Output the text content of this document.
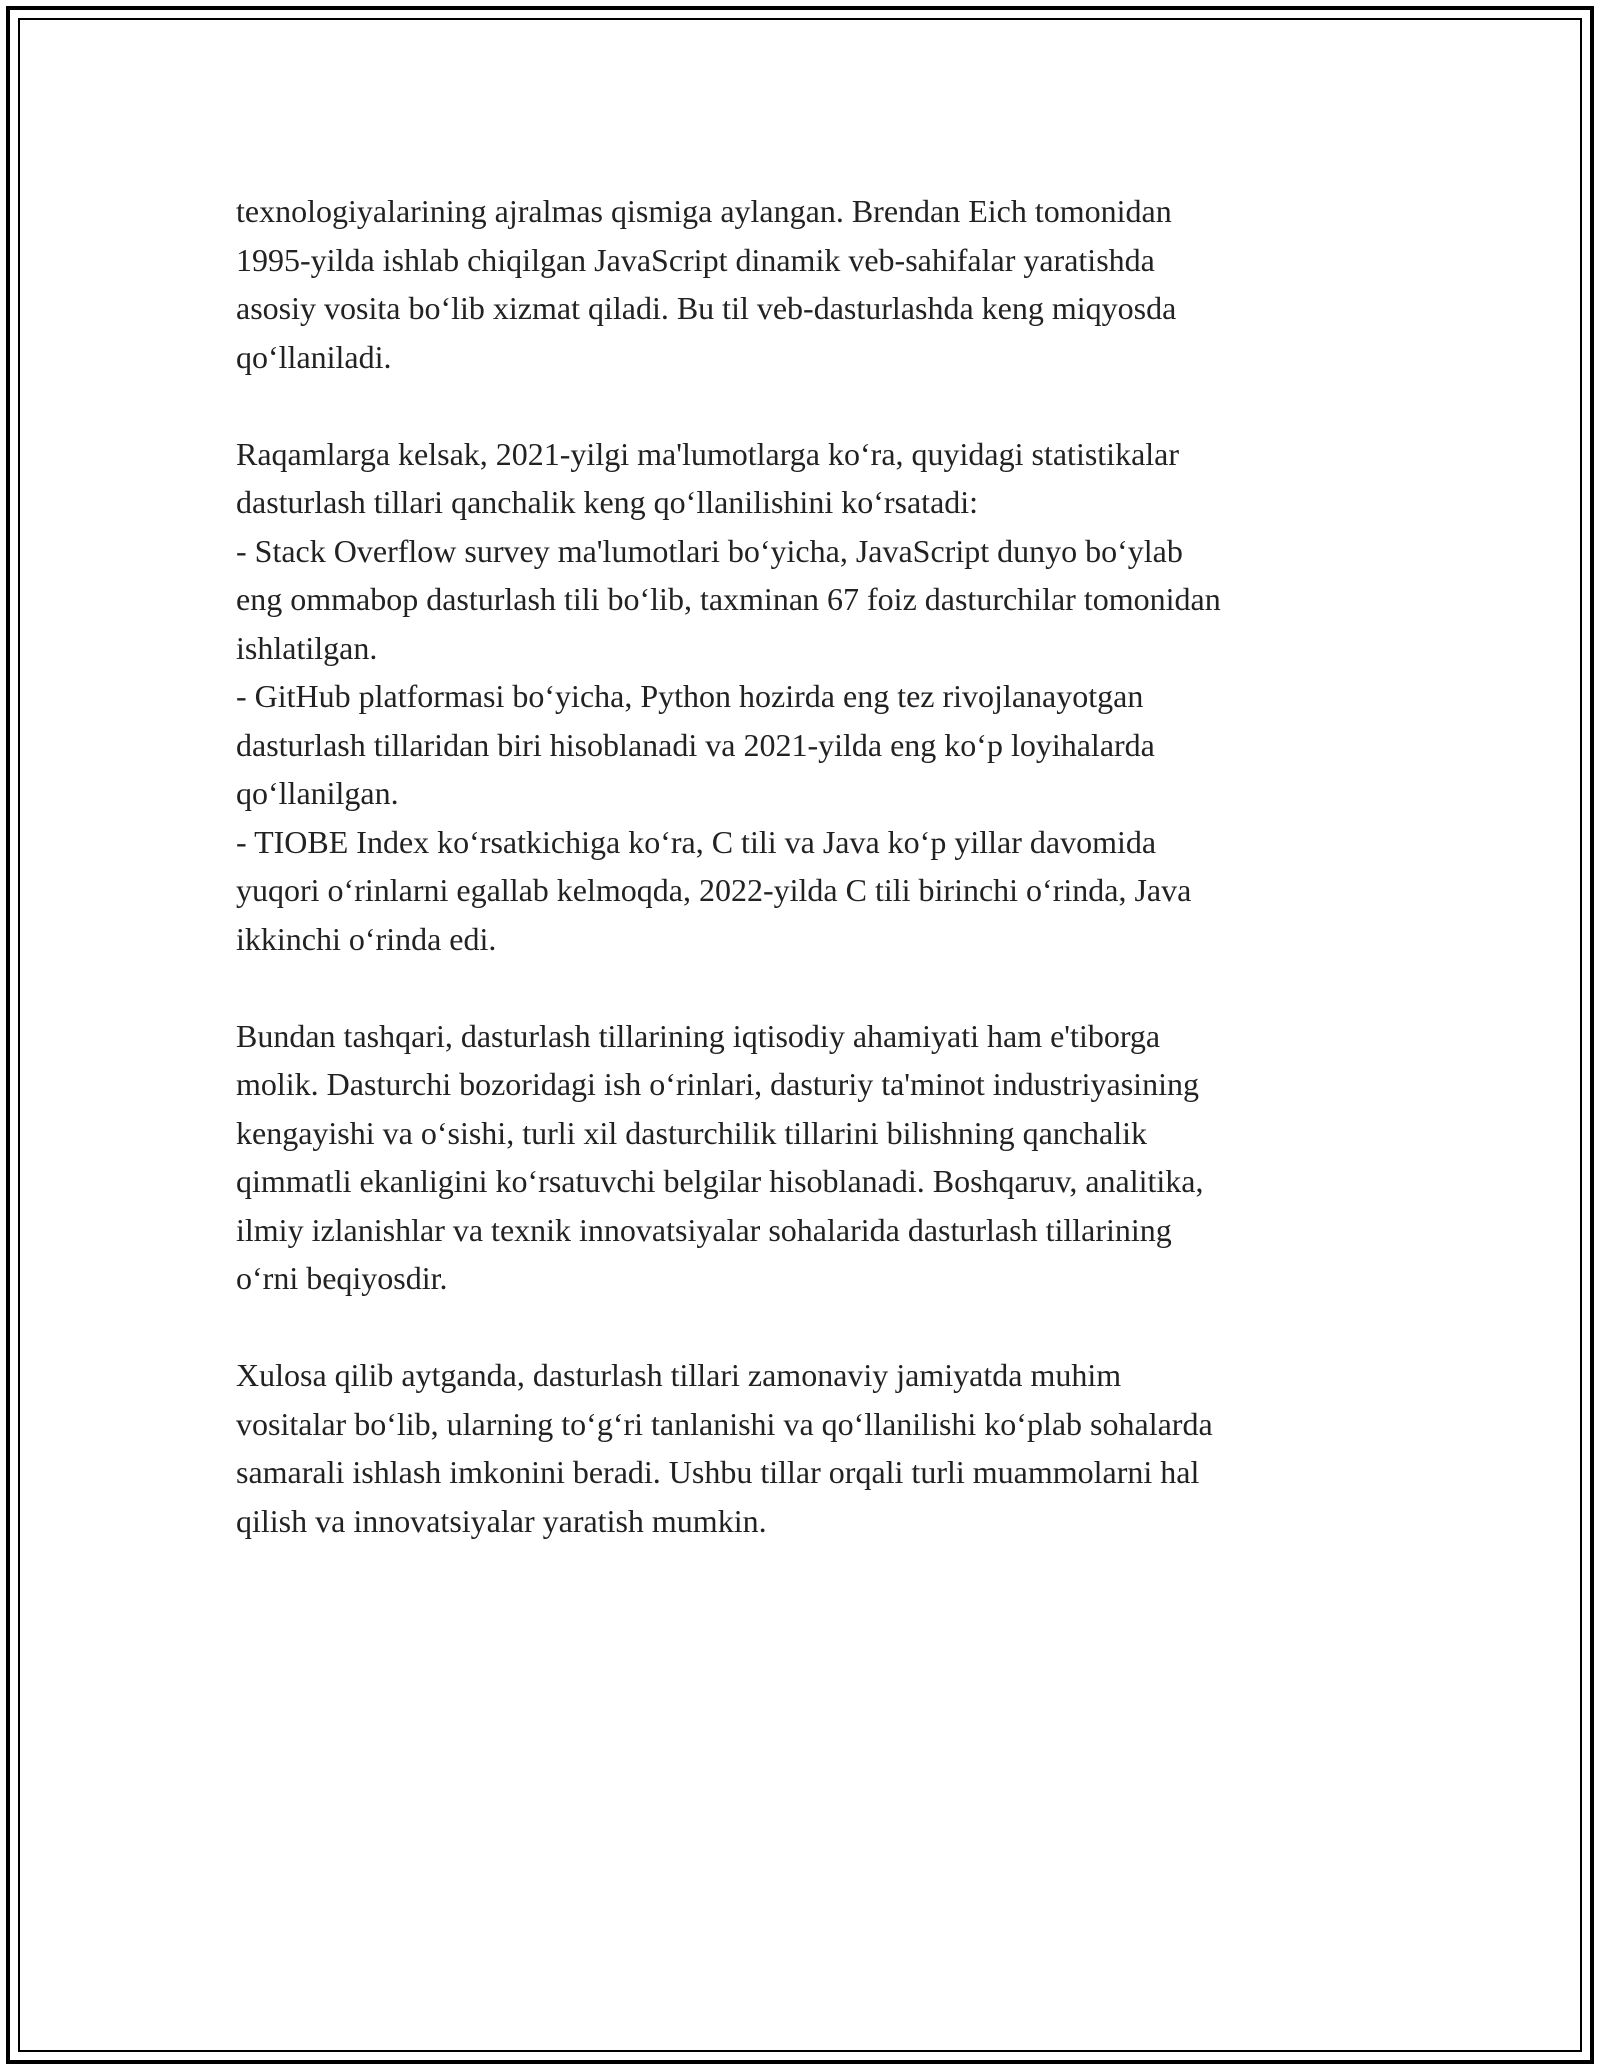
texnologiyalarining ajralmas qismiga aylangan. Brendan Eich tomonidan
1995-yilda ishlab chiqilgan JavaScript dinamik veb-sahifalar yaratishda
asosiy vosita bo‘lib xizmat qiladi. Bu til veb-dasturlashda keng miqyosda
qo‘llaniladi.

Raqamlarga kelsak, 2021-yilgi ma'lumotlarga ko‘ra, quyidagi statistikalar
dasturlash tillari qanchalik keng qo‘llanilishini ko‘rsatadi:
- Stack Overflow survey ma'lumotlari bo‘yicha, JavaScript dunyo bo‘ylab
eng ommabop dasturlash tili bo‘lib, taxminan 67 foiz dasturchilar tomonidan
ishlatilgan.
- GitHub platformasi bo‘yicha, Python hozirda eng tez rivojlanayotgan
dasturlash tillaridan biri hisoblanadi va 2021-yilda eng ko‘p loyihalarda
qo‘llanilgan.
- TIOBE Index ko‘rsatkichiga ko‘ra, C tili va Java ko‘p yillar davomida
yuqori o‘rinlarni egallab kelmoqda, 2022-yilda C tili birinchi o‘rinda, Java
ikkinchi o‘rinda edi.

Bundan tashqari, dasturlash tillarining iqtisodiy ahamiyati ham e'tiborga
molik. Dasturchi bozoridagi ish o‘rinlari, dasturiy ta'minot industriyasining
kengayishi va o‘sishi, turli xil dasturchilik tillarini bilishning qanchalik
qimmatli ekanligini ko‘rsatuvchi belgilar hisoblanadi. Boshqaruv, analitika,
ilmiy izlanishlar va texnik innovatsiyalar sohalarida dasturlash tillarining
o‘rni beqiyosdir.

Xulosa qilib aytganda, dasturlash tillari zamonaviy jamiyatda muhim
vositalar bo‘lib, ularning to‘g‘ri tanlanishi va qo‘llanilishi ko‘plab sohalarda
samarali ishlash imkonini beradi. Ushbu tillar orqali turli muammolarni hal
qilish va innovatsiyalar yaratish mumkin.
